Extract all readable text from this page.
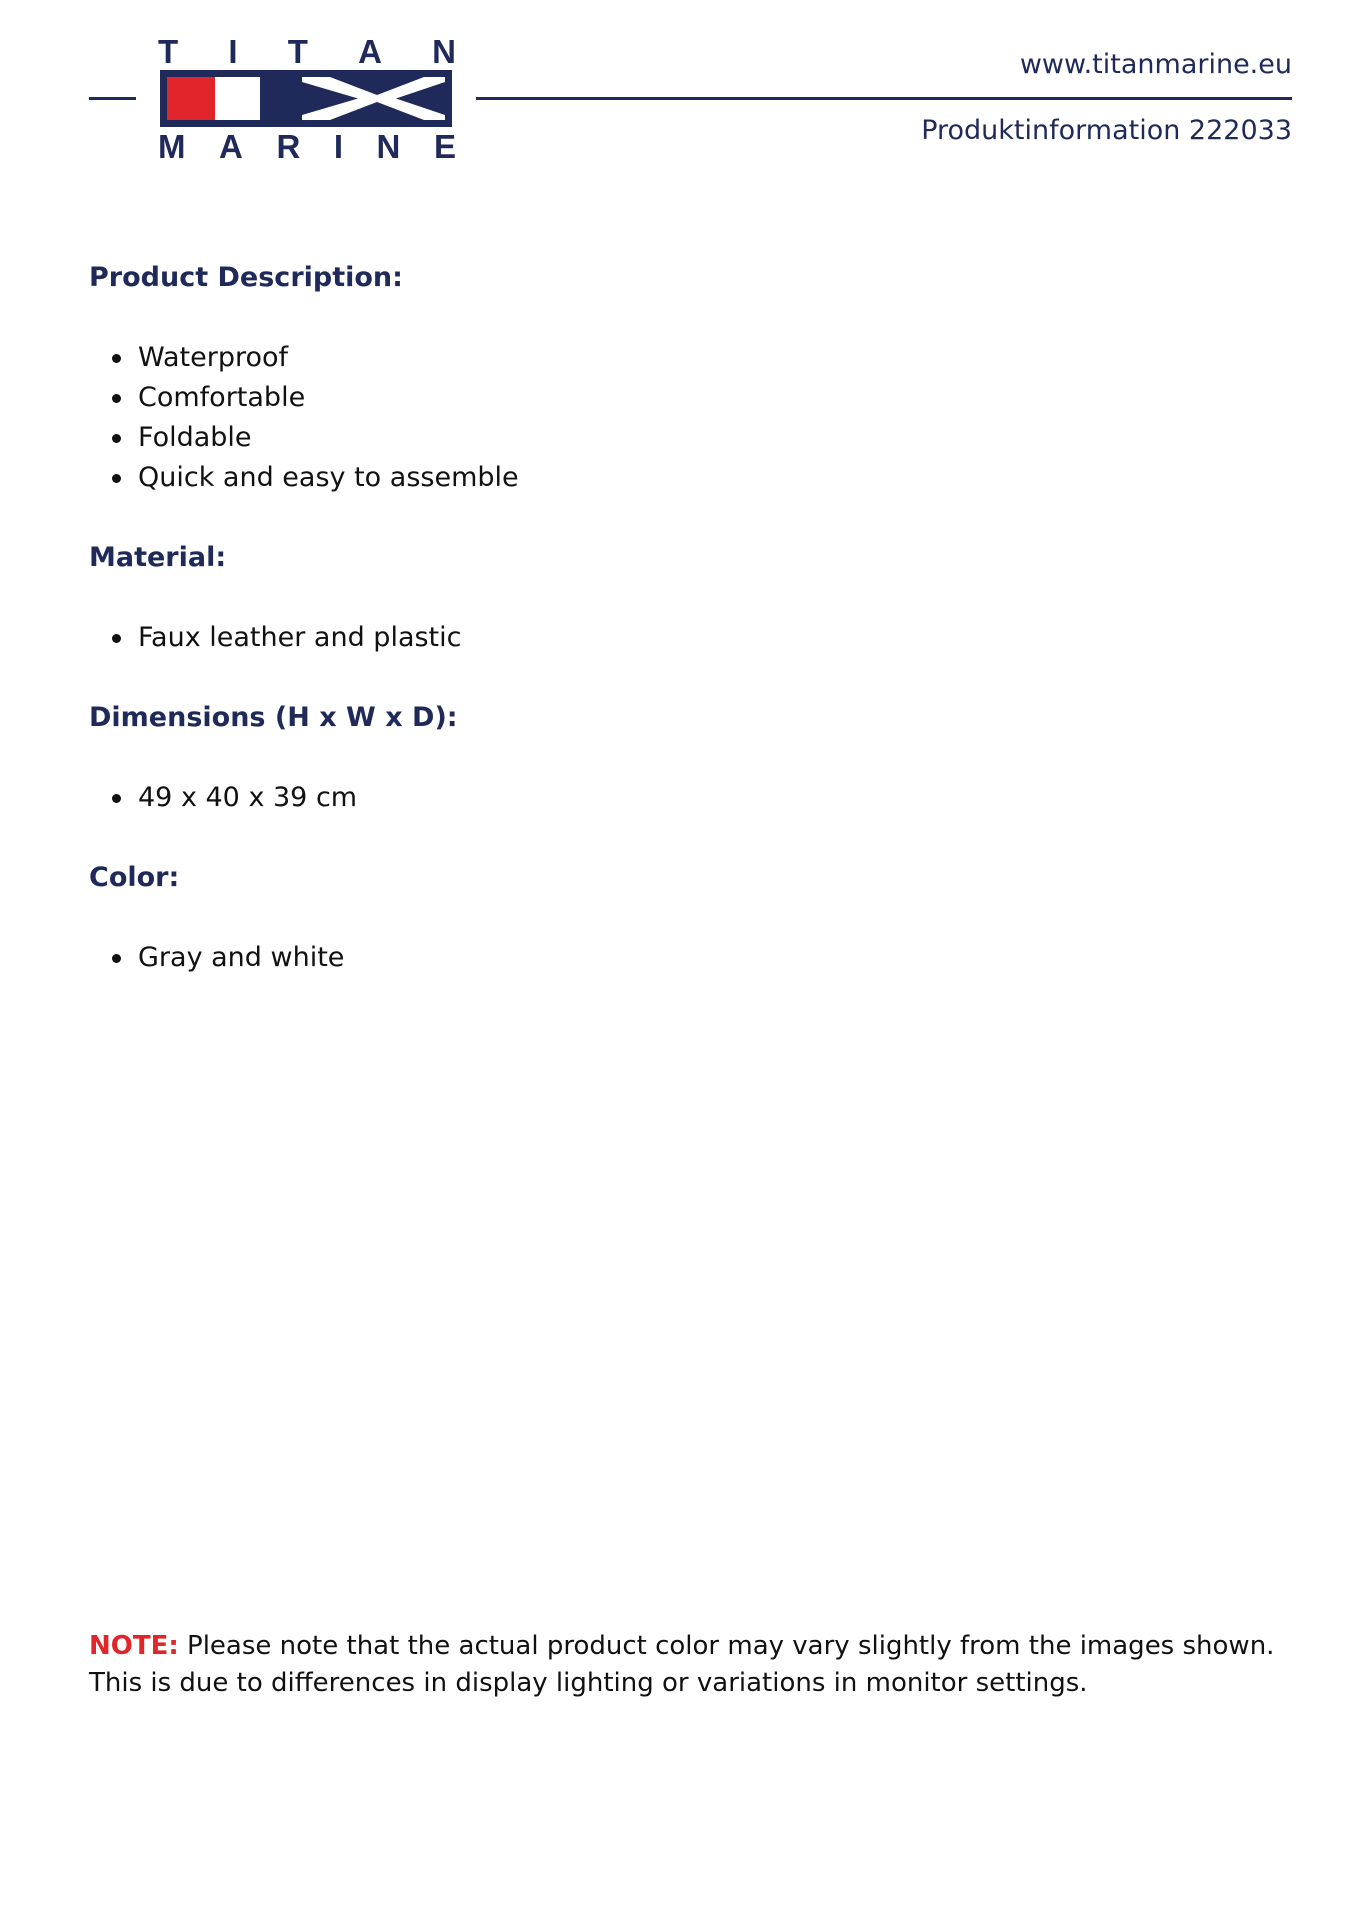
T I T A N
M A R I N E
www.titanmarine.eu
Produktinformation 222033
Product Description:
Waterproof
Comfortable
Foldable
Quick and easy to assemble
Material:
Faux leather and plastic
Dimensions (H x W x D):
49 x 40 x 39 cm
Color:
Gray and white
NOTE: Please note that the actual product color may vary slightly from the images shown.
This is due to differences in display lighting or variations in monitor settings.
